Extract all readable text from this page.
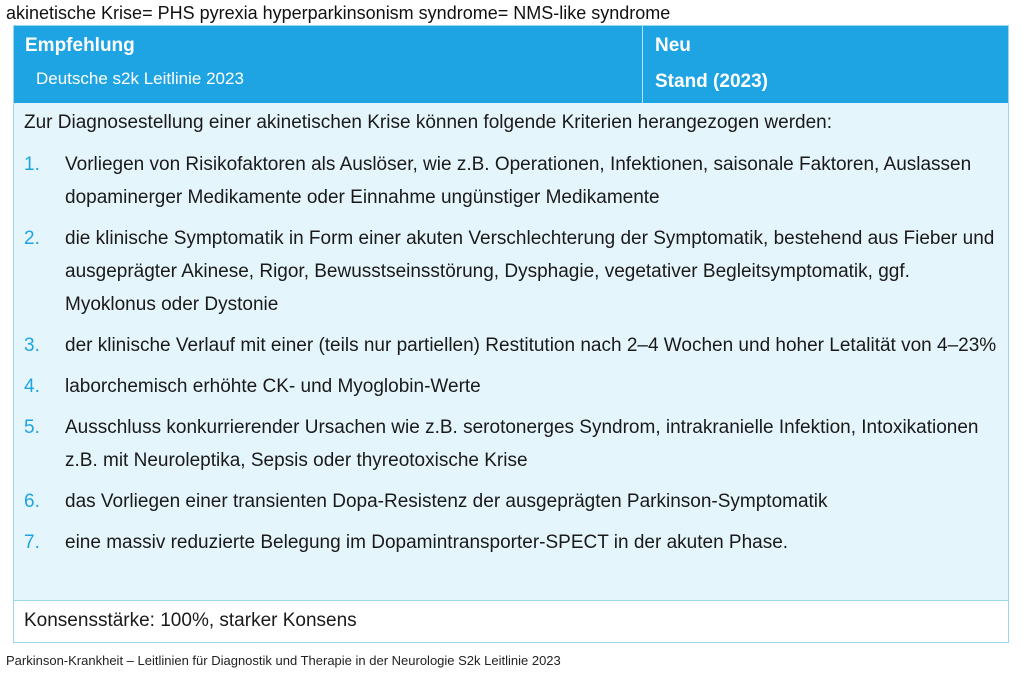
akinetische Krise= PHS pyrexia hyperparkinsonism syndrome= NMS-like syndrome
Empfehlung
Deutsche s2k Leitlinie 2023
Neu
Stand (2023)
Zur Diagnosestellung einer akinetischen Krise können folgende Kriterien herangezogen werden:
1. Vorliegen von Risikofaktoren als Auslöser, wie z.B. Operationen, Infektionen, saisonale Faktoren, Auslassen dopaminerger Medikamente oder Einnahme ungünstiger Medikamente
2. die klinische Symptomatik in Form einer akuten Verschlechterung der Symptomatik, bestehend aus Fieber und ausgeprägter Akinese, Rigor, Bewusstseinsstörung, Dysphagie, vegetativer Begleitsymptomatik, ggf. Myoklonus oder Dystonie
3. der klinische Verlauf mit einer (teils nur partiellen) Restitution nach 2–4 Wochen und hoher Letalität von 4–23%
4. laborchemisch erhöhte CK- und Myoglobin-Werte
5. Ausschluss konkurrierender Ursachen wie z.B. serotonerges Syndrom, intrakranielle Infektion, Intoxikationen z.B. mit Neuroleptika, Sepsis oder thyreotoxische Krise
6. das Vorliegen einer transienten Dopa-Resistenz der ausgeprägten Parkinson-Symptomatik
7. eine massiv reduzierte Belegung im Dopamintransporter-SPECT in der akuten Phase.
Konsensstärke: 100%, starker Konsens
Parkinson-Krankheit – Leitlinien für Diagnostik und Therapie in der Neurologie S2k Leitlinie 2023
